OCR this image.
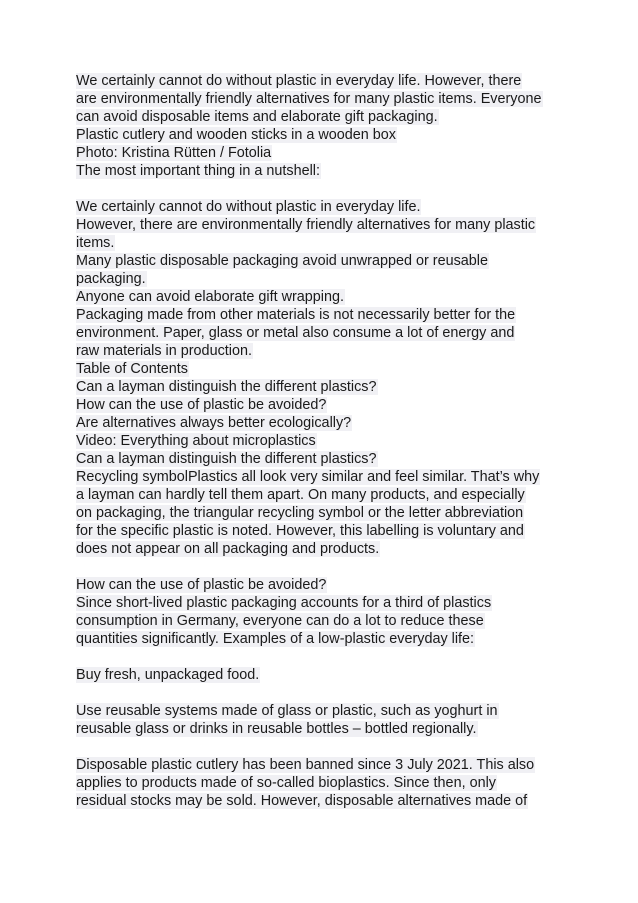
We certainly cannot do without plastic in everyday life. However, there
are environmentally friendly alternatives for many plastic items. Everyone
can avoid disposable items and elaborate gift packaging.
Plastic cutlery and wooden sticks in a wooden box
Photo: Kristina Rütten / Fotolia
The most important thing in a nutshell:
We certainly cannot do without plastic in everyday life.
However, there are environmentally friendly alternatives for many plastic
items.
Many plastic disposable packaging avoid unwrapped or reusable
packaging.
Anyone can avoid elaborate gift wrapping.
Packaging made from other materials is not necessarily better for the
environment. Paper, glass or metal also consume a lot of energy and
raw materials in production.
Table of Contents
Can a layman distinguish the different plastics?
How can the use of plastic be avoided?
Are alternatives always better ecologically?
Video: Everything about microplastics
Can a layman distinguish the different plastics?
Recycling symbolPlastics all look very similar and feel similar. That’s why
a layman can hardly tell them apart. On many products, and especially
on packaging, the triangular recycling symbol or the letter abbreviation
for the specific plastic is noted. However, this labelling is voluntary and
does not appear on all packaging and products.
How can the use of plastic be avoided?
Since short-lived plastic packaging accounts for a third of plastics
consumption in Germany, everyone can do a lot to reduce these
quantities significantly. Examples of a low-plastic everyday life:
Buy fresh, unpackaged food.
Use reusable systems made of glass or plastic, such as yoghurt in
reusable glass or drinks in reusable bottles – bottled regionally.
Disposable plastic cutlery has been banned since 3 July 2021. This also
applies to products made of so-called bioplastics. Since then, only
residual stocks may be sold. However, disposable alternatives made of
